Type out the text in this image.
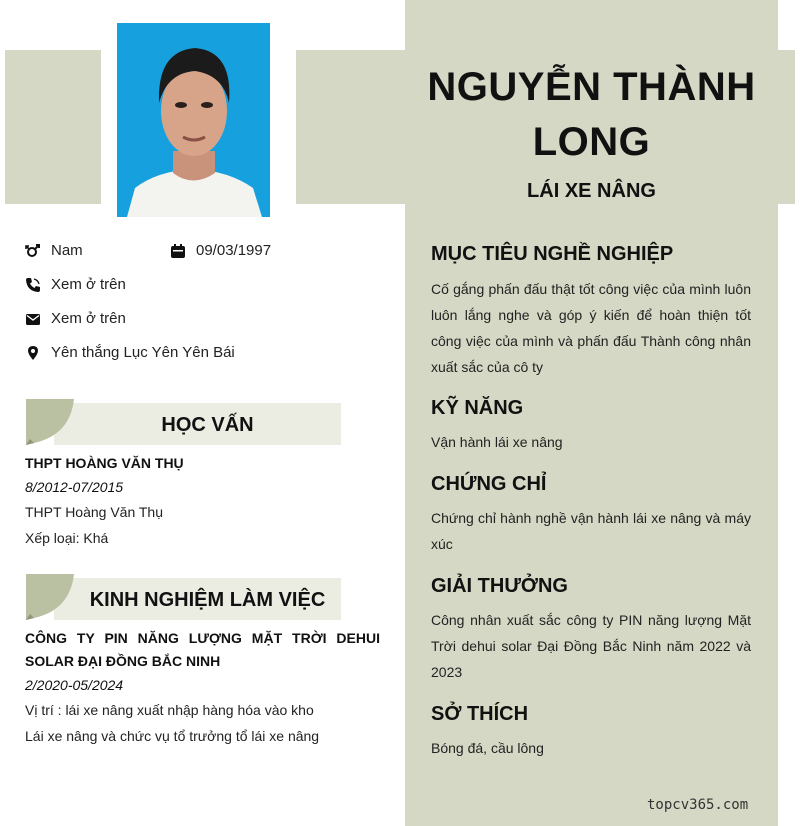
NGUYỄN THÀNH LONG
LÁI XE NÂNG
Nam	09/03/1997
Xem ở trên
Xem ở trên
Yên thắng Lục Yên Yên Bái
HỌC VẤN
THPT HOÀNG VĂN THỤ
8/2012-07/2015
THPT Hoàng Văn Thụ
Xếp loại: Khá
KINH NGHIỆM LÀM VIỆC
CÔNG TY PIN NĂNG LƯỢNG MẶT TRỜI DEHUI SOLAR ĐẠI ĐỒNG BẮC NINH
2/2020-05/2024
Vị trí : lái xe nâng xuất nhập hàng hóa vào kho
Lái xe nâng và chức vụ tổ trưởng tổ lái xe nâng
MỤC TIÊU NGHỀ NGHIỆP
Cố gắng phấn đấu thật tốt công việc của mình luôn luôn lắng nghe và góp ý kiến để hoàn thiện tốt công việc của mình và phấn đấu Thành công nhân xuất sắc của cô ty
KỸ NĂNG
Vận hành lái xe nâng
CHỨNG CHỈ
Chứng chỉ hành nghề vận hành lái xe nâng và máy xúc
GIẢI THƯỞNG
Công nhân xuất sắc công ty PIN năng lượng Mặt Trời dehui solar Đại Đồng Bắc Ninh năm 2022 và 2023
SỞ THÍCH
Bóng đá, cầu lông
topcv365.com
